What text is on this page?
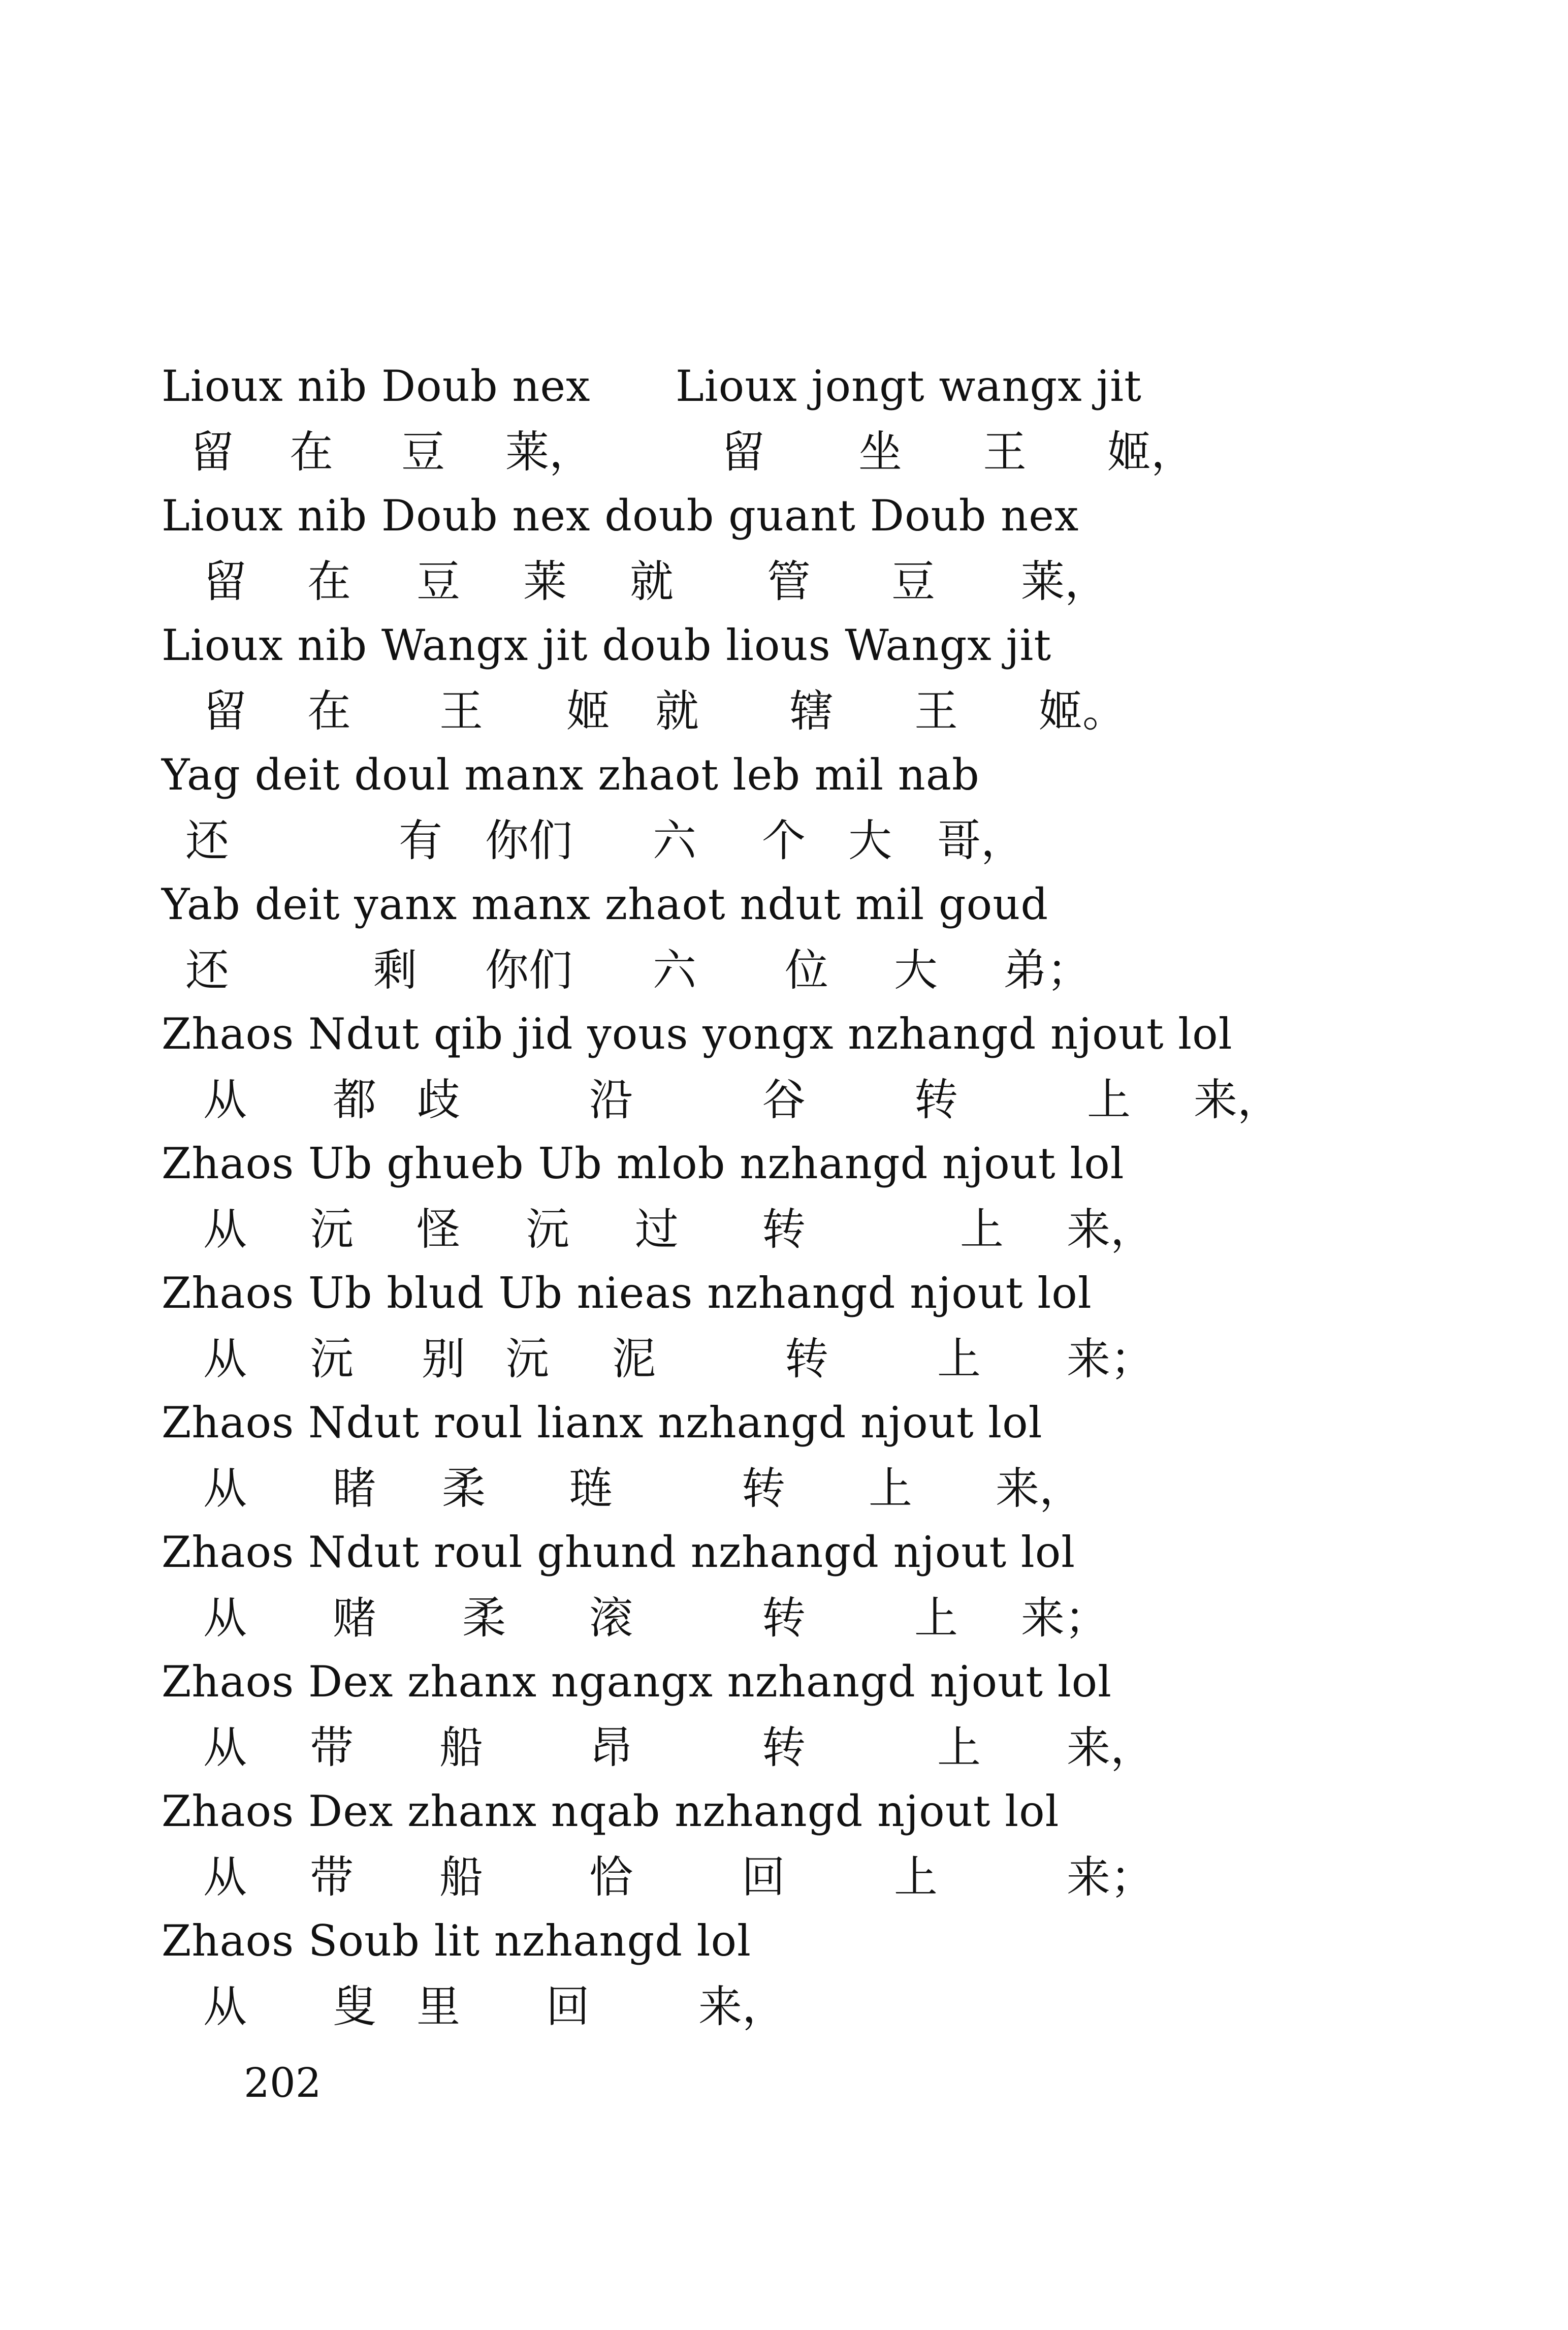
Lioux nib Doub nex Lioux jongt wangx jit
留 在 豆 莱，	留 坐 王 姬，
Lioux nib Doub nex doub guant Doub nex
留 在 豆 莱 就 管 豆 莱，
Lioux nib Wangx jit doub lious Wangx jit
留 在 王 姬 就 辖 王 姬。
Yag deit doul manx zhaot leb mil nab
还	有 你们 六 个 大 哥，
Yab deit yanx manx zhaot ndut mil goud
还	剩 你们 六 位 大 弟；
Zhaos Ndut qib jid yous yongx nzhangd njout lol
从 都 歧	沿	谷 转	上 来，
Zhaos Ub ghueb Ub mlob nzhangd njout lol
从 沅 怪 沅 过 转	上 来，
Zhaos Ub blud Ub nieas nzhangd njout lol
从 沅 别 沅 泥	转 上 来；
Zhaos Ndut roul lianx nzhangd njout lol
从 睹 柔 琏	转 上 来，
Zhaos Ndut roul ghund nzhangd njout lol
从 赌 柔 滚	转 上 来；
Zhaos Dex zhanx ngangx nzhangd njout lol
从 带 船 昂	转	上 来，
Zhaos Dex zhanx nqab nzhangd njout lol
从 带 船 恰 回 上	来；
Zhaos Soub lit nzhangd lol
从 叟 里 回 来，
202
